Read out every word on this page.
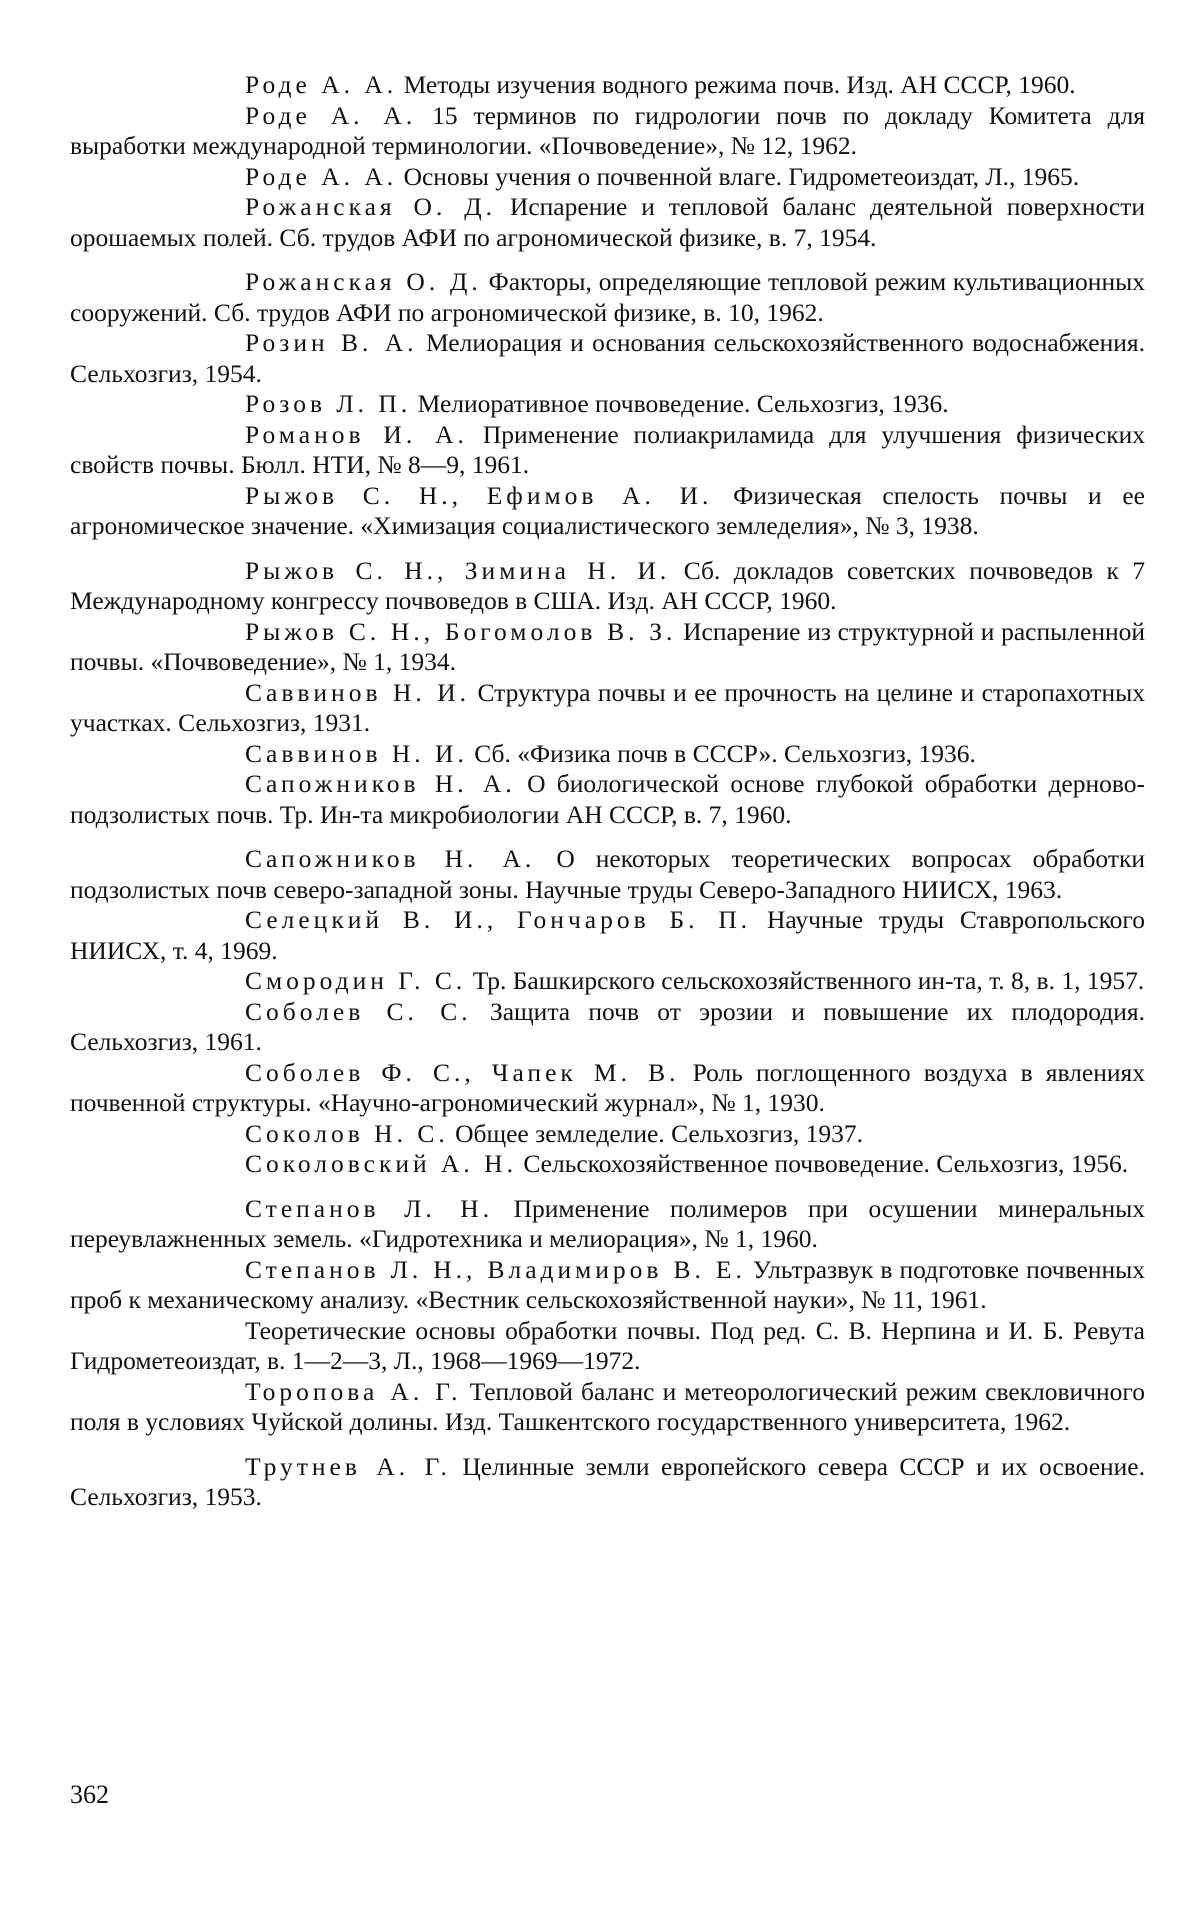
Роде А. А. Методы изучения водного режима почв. Изд. АН СССР, 1960.

Роде А. А. 15 терминов по гидрологии почв по докладу Комитета для выработки международной терминологии. «Почвоведение», № 12, 1962.

Роде А. А. Основы учения о почвенной влаге. Гидрометеоиздат, Л., 1965.

Рожанская О. Д. Испарение и тепловой баланс деятельной поверхности орошаемых полей. Сб. трудов АФИ по агрономической физике, в. 7, 1954.

Рожанская О. Д. Факторы, определяющие тепловой режим культивационных сооружений. Сб. трудов АФИ по агрономической физике, в. 10, 1962.

Розин В. А. Мелиорация и основания сельскохозяйственного водоснабжения. Сельхозгиз, 1954.

Розов Л. П. Мелиоративное почвоведение. Сельхозгиз, 1936.

Романов И. А. Применение полиакриламида для улучшения физических свойств почвы. Бюлл. НТИ, № 8—9, 1961.

Рыжов С. Н., Ефимов А. И. Физическая спелость почвы и ее агрономическое значение. «Химизация социалистического земледелия», № 3, 1938.

Рыжов С. Н., Зимина Н. И. Сб. докладов советских почвоведов к 7 Международному конгрессу почвоведов в США. Изд. АН СССР, 1960.

Рыжов С. Н., Богомолов В. З. Испарение из структурной и распыленной почвы. «Почвоведение», № 1, 1934.

Саввинов Н. И. Структура почвы и ее прочность на целине и старопахотных участках. Сельхозгиз, 1931.

Саввинов Н. И. Сб. «Физика почв в СССР». Сельхозгиз, 1936.

Сапожников Н. А. О биологической основе глубокой обработки дерново-подзолистых почв. Тр. Ин-та микробиологии АН СССР, в. 7, 1960.

Сапожников Н. А. О некоторых теоретических вопросах обработки подзолистых почв северо-западной зоны. Научные труды Северо-Западного НИИСХ, 1963.

Селецкий В. И., Гончаров Б. П. Научные труды Ставропольского НИИСХ, т. 4, 1969.

Смородин Г. С. Тр. Башкирского сельскохозяйственного ин-та, т. 8, в. 1, 1957.

Соболев С. С. Защита почв от эрозии и повышение их плодородия. Сельхозгиз, 1961.

Соболев Ф. С., Чапек М. В. Роль поглощенного воздуха в явлениях почвенной структуры. «Научно-агрономический журнал», № 1, 1930.

Соколов Н. С. Общее земледелие. Сельхозгиз, 1937.

Соколовский А. Н. Сельскохозяйственное почвоведение. Сельхозгиз, 1956.

Степанов Л. Н. Применение полимеров при осушении минеральных переувлажненных земель. «Гидротехника и мелиорация», № 1, 1960.

Степанов Л. Н., Владимиров В. Е. Ультразвук в подготовке почвенных проб к механическому анализу. «Вестник сельскохозяйственной науки», № 11, 1961.

Теоретические основы обработки почвы. Под ред. С. В. Нерпина и И. Б. Ревута Гидрометеоиздат, в. 1—2—3, Л., 1968—1969—1972.

Торопова А. Г. Тепловой баланс и метеорологический режим свекловичного поля в условиях Чуйской долины. Изд. Ташкентского государственного университета, 1962.

Трутнев А. Г. Целинные земли европейского севера СССР и их освоение. Сельхозгиз, 1953.

362
